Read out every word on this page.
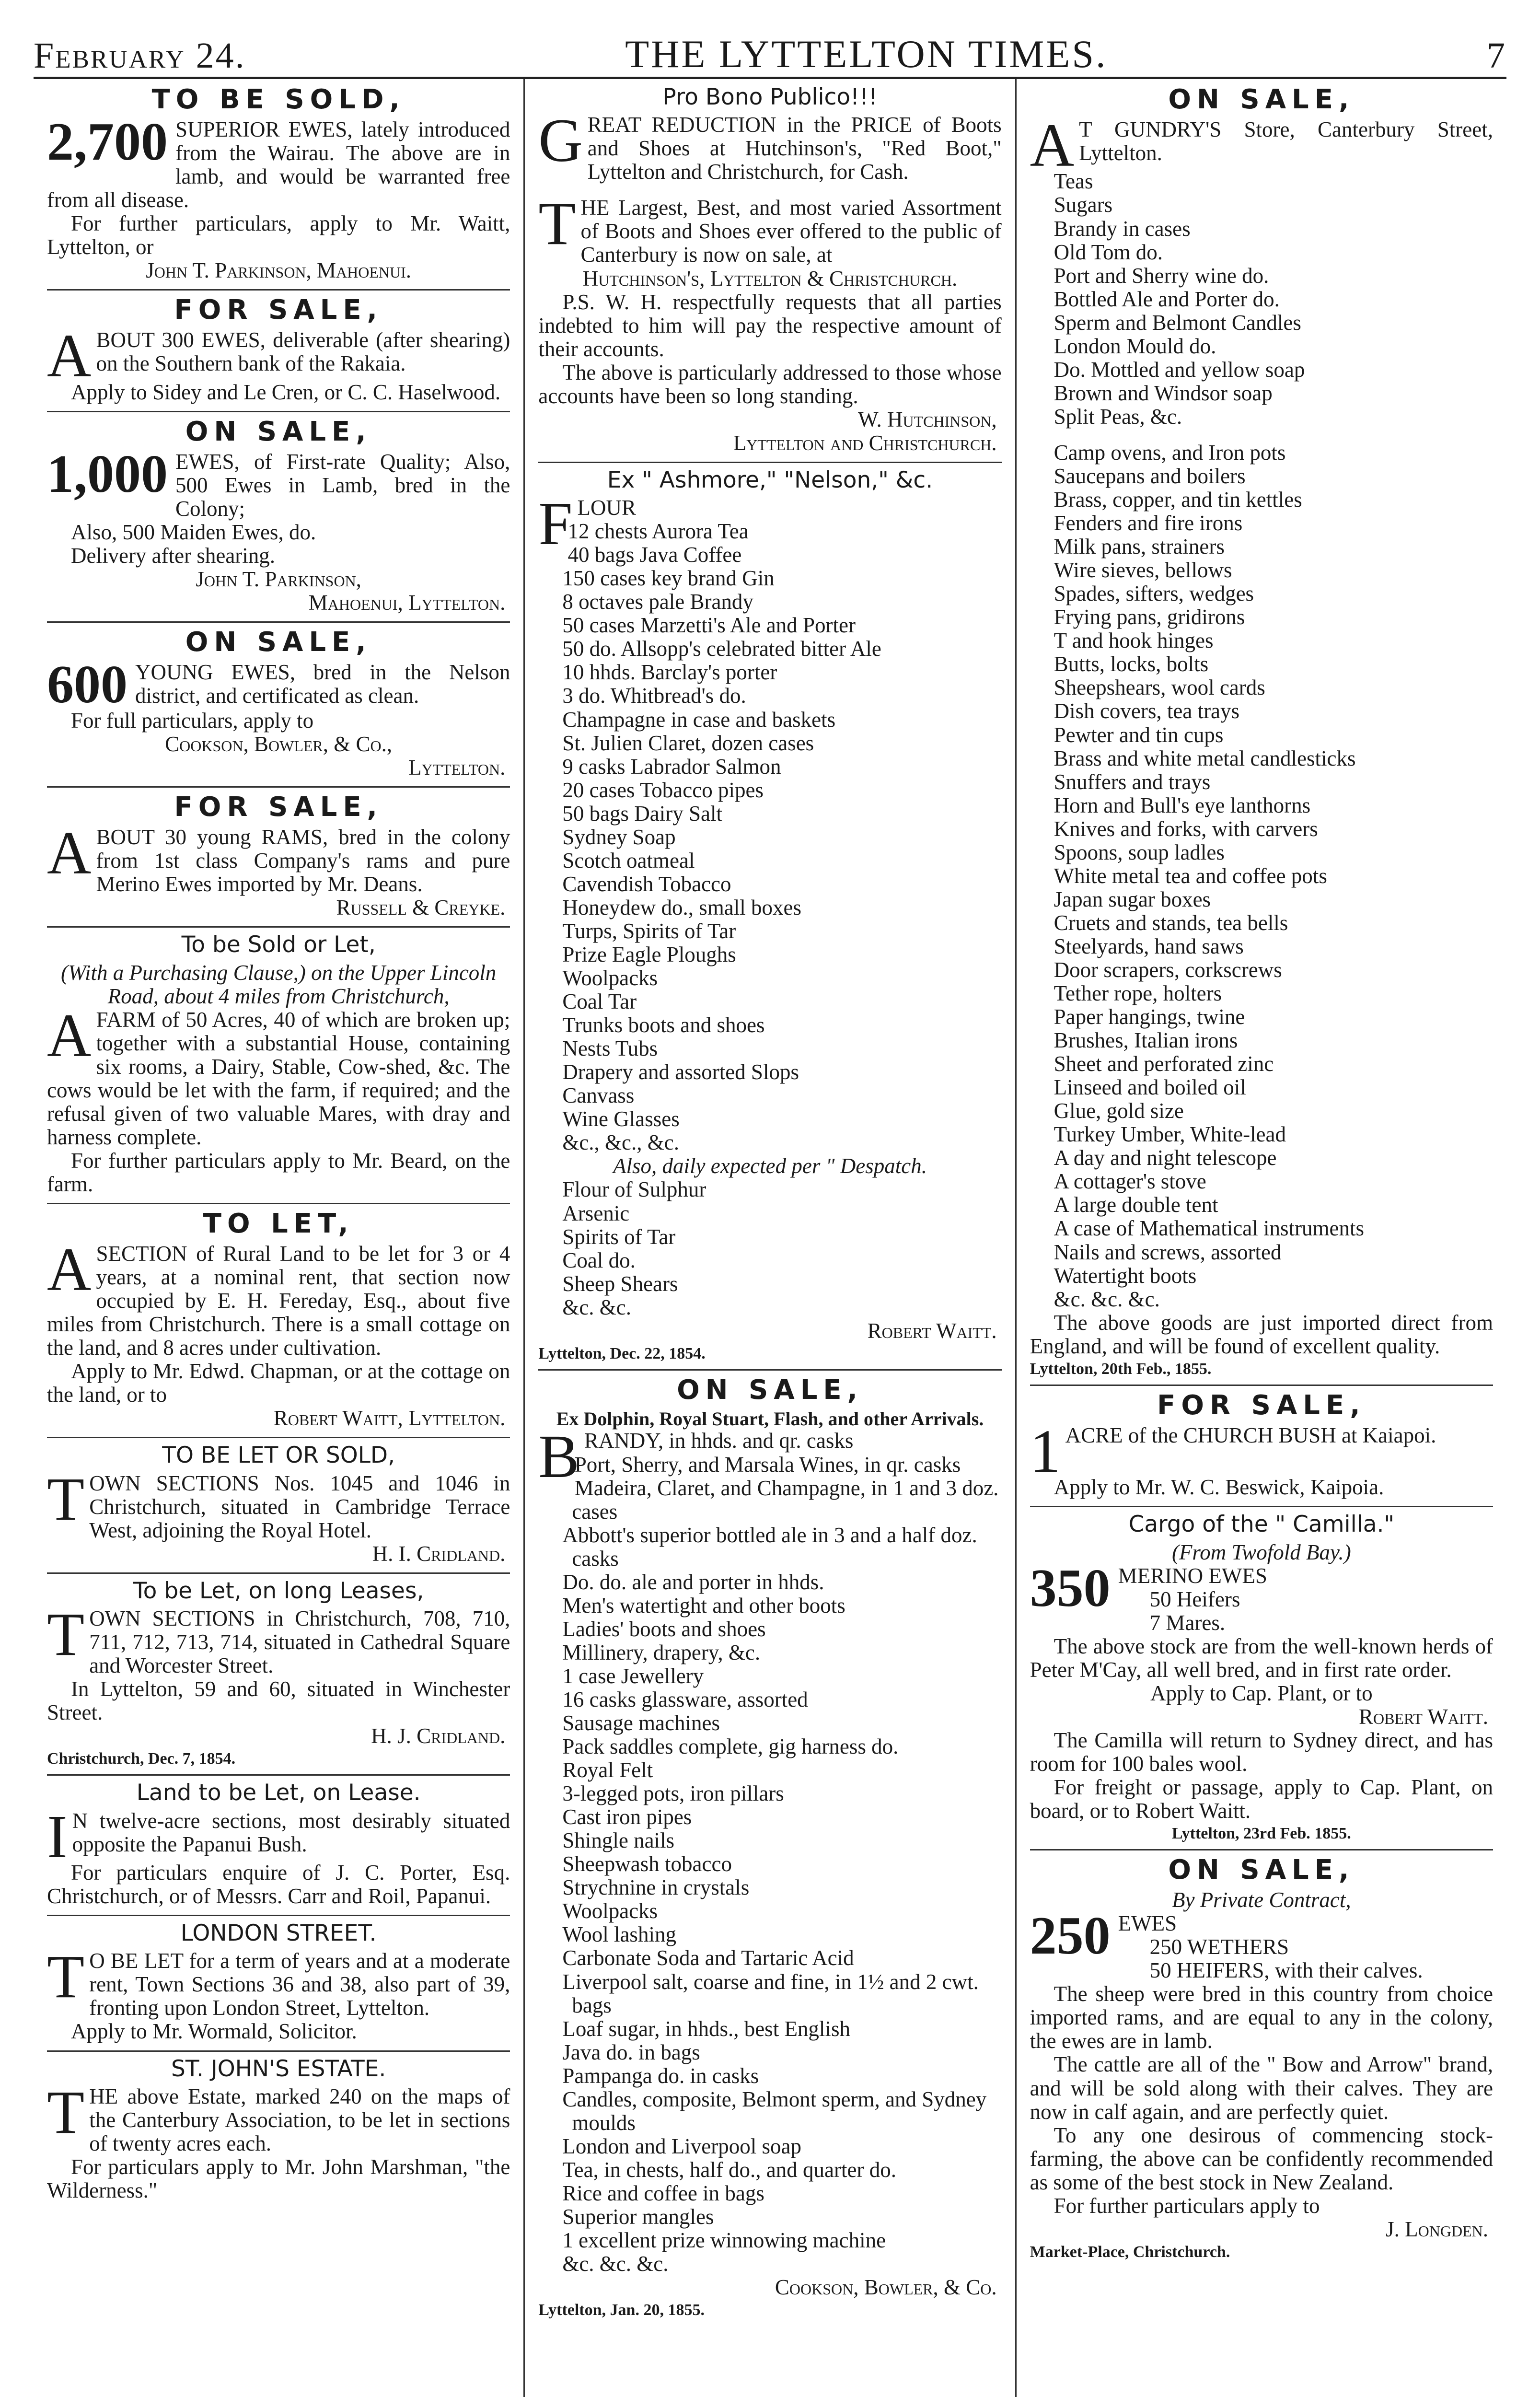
February 24.	THE LYTTELTON TIMES.	7
TO BE SOLD,

2,700 SUPERIOR EWES, lately introduced from the Wairau. The above are in lamb, and would be warranted free from all disease.

For further particulars, apply to Mr. Waitt, Lyttelton, or

John T. Parkinson, Mahoenui.
FOR SALE,

ABOUT 300 EWES, deliverable (after shearing) on the Southern bank of the Rakaia.

Apply to Sidey and Le Cren, or C. C. Haselwood.

ON SALE,

1,000 EWES, of First-rate Quality; Also, 500 Ewes in Lamb, bred in the Colony;

Also, 500 Maiden Ewes, do.

Delivery after shearing.

John T. Parkinson,
Mahoenui, Lyttelton.
ON SALE,

600 YOUNG EWES, bred in the Nelson district, and certificated as clean.

For full particulars, apply to

Cookson, Bowler, & Co.,
Lyttelton.
FOR SALE,

ABOUT 30 young RAMS, bred in the colony from 1st class Company's rams and pure Merino Ewes imported by Mr. Deans.

Russell & Creyke.
To be Sold or Let,
(With a Purchasing Clause,) on the Upper Lincoln Road, about 4 miles from Christchurch,

AFARM of 50 Acres, 40 of which are broken up; together with a substantial House, containing six rooms, a Dairy, Stable, Cow-shed, &c. The cows would be let with the farm, if required; and the refusal given of two valuable Mares, with dray and harness complete.

For further particulars apply to Mr. Beard, on the farm.

TO LET,

ASECTION of Rural Land to be let for 3 or 4 years, at a nominal rent, that section now occupied by E. H. Fereday, Esq., about five miles from Christchurch. There is a small cottage on the land, and 8 acres under cultivation.

Apply to Mr. Edwd. Chapman, or at the cottage on the land, or to

Robert Waitt, Lyttelton.
TO BE LET OR SOLD,

TOWN SECTIONS Nos. 1045 and 1046 in Christchurch, situated in Cambridge Terrace West, adjoining the Royal Hotel.

H. I. Cridland.
To be Let, on long Leases,

TOWN SECTIONS in Christchurch, 708, 710, 711, 712, 713, 714, situated in Cathedral Square and Worcester Street.

In Lyttelton, 59 and 60, situated in Winchester Street.

H. J. Cridland.
Christchurch, Dec. 7, 1854.
Land to be Let, on Lease.

I N twelve-acre sections, most desirably situated opposite the Papanui Bush.

For particulars enquire of J. C. Porter, Esq. Christchurch, or of Messrs. Carr and Roil, Papanui.

LONDON STREET.

T O BE LET for a term of years and at a moderate rent, Town Sections 36 and 38, also part of 39, fronting upon London Street, Lyttelton.

Apply to Mr. Wormald, Solicitor.

ST. JOHN'S ESTATE.

THE above Estate, marked 240 on the maps of the Canterbury Association, to be let in sections of twenty acres each.

For particulars apply to Mr. John Marshman, "the Wilderness."

Pro Bono Publico!!!

GREAT REDUCTION in the PRICE of Boots and Shoes at Hutchinson's, "Red Boot," Lyttelton and Christchurch, for Cash.

THE Largest, Best, and most varied Assortment of Boots and Shoes ever offered to the public of Canterbury is now on sale, at

Hutchinson's, Lyttelton & Christchurch.

P.S. W. H. respectfully requests that all parties indebted to him will pay the respective amount of their accounts.

The above is particularly addressed to those whose accounts have been so long standing.

W. Hutchinson,
Lyttelton and Christchurch.
Ex " Ashmore," "Nelson," &c.

FLOUR

12 chests Aurora Tea
40 bags Java Coffee
150 cases key brand Gin
8 octaves pale Brandy
50 cases Marzetti's Ale and Porter
50 do. Allsopp's celebrated bitter Ale
10 hhds. Barclay's porter
3 do. Whitbread's do.
Champagne in case and baskets
St. Julien Claret, dozen cases
9 casks Labrador Salmon
20 cases Tobacco pipes
50 bags Dairy Salt
Sydney Soap
Scotch oatmeal
Cavendish Tobacco
Honeydew do., small boxes
Turps, Spirits of Tar
Prize Eagle Ploughs
Woolpacks
Coal Tar
Trunks boots and shoes
Nests Tubs
Drapery and assorted Slops
Canvass
Wine Glasses
&c., &c., &c.
Also, daily expected per " Despatch.
Flour of Sulphur
Arsenic
Spirits of Tar
Coal do.
Sheep Shears
&c. &c.
Robert Waitt.
Lyttelton, Dec. 22, 1854.
ON SALE,
Ex Dolphin, Royal Stuart, Flash, and other Arrivals.

BRANDY, in hhds. and qr. casks

Port, Sherry, and Marsala Wines, in qr. casks
Madeira, Claret, and Champagne, in 1 and 3 doz. cases
Abbott's superior bottled ale in 3 and a half doz. casks
Do. do. ale and porter in hhds.
Men's watertight and other boots
Ladies' boots and shoes
Millinery, drapery, &c.
1 case Jewellery
16 casks glassware, assorted
Sausage machines
Pack saddles complete, gig harness do.
Royal Felt
3-legged pots, iron pillars
Cast iron pipes
Shingle nails
Sheepwash tobacco
Strychnine in crystals
Woolpacks
Wool lashing
Carbonate Soda and Tartaric Acid
Liverpool salt, coarse and fine, in 1½ and 2 cwt. bags
Loaf sugar, in hhds., best English
Java do. in bags
Pampanga do. in casks
Candles, composite, Belmont sperm, and Sydney moulds
London and Liverpool soap
Tea, in chests, half do., and quarter do.
Rice and coffee in bags
Superior mangles
1 excellent prize winnowing machine
&c. &c. &c.
Cookson, Bowler, & Co.
Lyttelton, Jan. 20, 1855.
ON SALE,

A T GUNDRY'S Store, Canterbury Street, Lyttelton.

Teas
Sugars
Brandy in cases
Old Tom do.
Port and Sherry wine do.
Bottled Ale and Porter do.
Sperm and Belmont Candles
London Mould do.
Do. Mottled and yellow soap
Brown and Windsor soap
Split Peas, &c.
Camp ovens, and Iron pots
Saucepans and boilers
Brass, copper, and tin kettles
Fenders and fire irons
Milk pans, strainers
Wire sieves, bellows
Spades, sifters, wedges
Frying pans, gridirons
T and hook hinges
Butts, locks, bolts
Sheepshears, wool cards
Dish covers, tea trays
Pewter and tin cups
Brass and white metal candlesticks
Snuffers and trays
Horn and Bull's eye lanthorns
Knives and forks, with carvers
Spoons, soup ladles
White metal tea and coffee pots
Japan sugar boxes
Cruets and stands, tea bells
Steelyards, hand saws
Door scrapers, corkscrews
Tether rope, holters
Paper hangings, twine
Brushes, Italian irons
Sheet and perforated zinc
Linseed and boiled oil
Glue, gold size
Turkey Umber, White-lead
A day and night telescope
A cottager's stove
A large double tent
A case of Mathematical instruments
Nails and screws, assorted
Watertight boots
&c. &c. &c.

The above goods are just imported direct from England, and will be found of excellent quality.

Lyttelton, 20th Feb., 1855.
FOR SALE,

1 ACRE of the CHURCH BUSH at Kaiapoi.

Apply to Mr. W. C. Beswick, Kaipoia.

Cargo of the " Camilla."
(From Twofold Bay.)

350 MERINO EWES

50 Heifers
7 Mares.

The above stock are from the well-known herds of Peter M'Cay, all well bred, and in first rate order.

Apply to Cap. Plant, or to
Robert Waitt.

The Camilla will return to Sydney direct, and has room for 100 bales wool.

For freight or passage, apply to Cap. Plant, on board, or to Robert Waitt.

Lyttelton, 23rd Feb. 1855.
ON SALE,
By Private Contract,

250 EWES

250 WETHERS
50 HEIFERS, with their calves.

The sheep were bred in this country from choice imported rams, and are equal to any in the colony, the ewes are in lamb.

The cattle are all of the " Bow and Arrow" brand, and will be sold along with their calves. They are now in calf again, and are perfectly quiet.

To any one desirous of commencing stock-farming, the above can be confidently recommended as some of the best stock in New Zealand.

For further particulars apply to

J. Longden.
Market-Place, Christchurch.
